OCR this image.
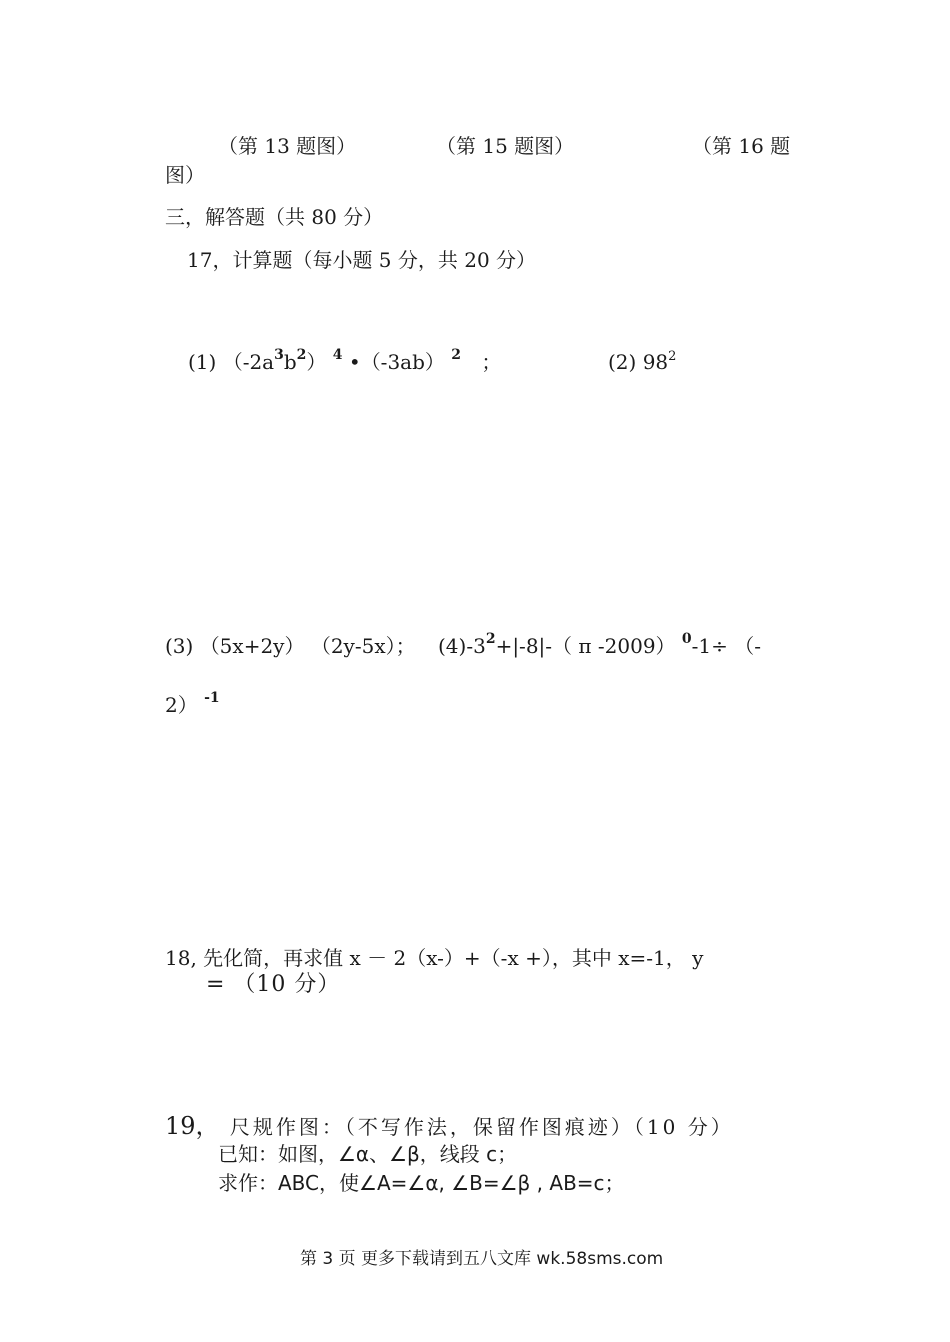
（第 13 题图）	（第 15 题图）	（第 16 题
图）
三，解答题（共 80 分）
17，计算题（每小题 5 分，共 20 分）
(1) $(-2a^3b^2)$ $^4$ •（-3ab） $^2$ ；	(2) $98^2$
(3) （5x+2y） （2y-5x）； $(4)-3^2+|-8|-$（ π -2009） $^0$-1÷ （-
2） $^{-1}$
18, 先化简，再求值 x － 2（x-）+（-x +），其中 x=-1， y
= （10 分）
19， 尺规作图：（不写作法，保留作图痕迹）（10 分）
已知：如图，∠α、∠β，线段 c；
求作：ABC，使∠A=∠α, ∠B=∠β , AB=c；
第 3 页 更多下载请到五八文库 wk.58sms.com
